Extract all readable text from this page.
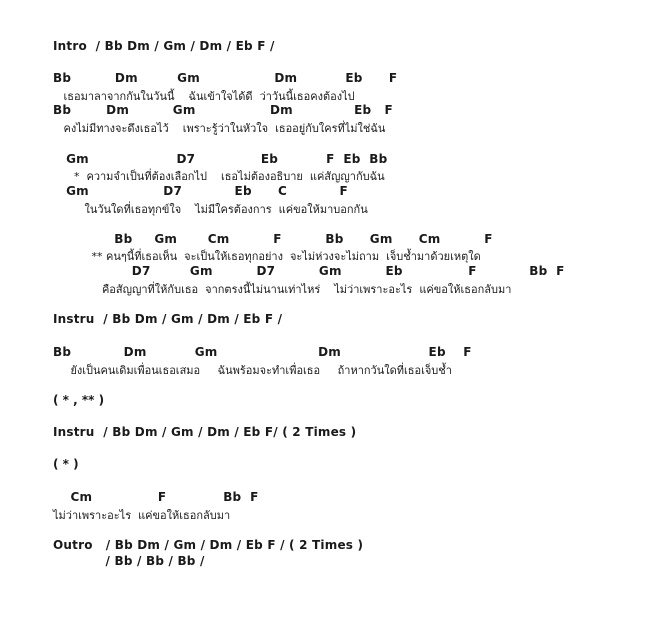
Intro  / Bb Dm / Gm / Dm / Eb F /
Bb          Dm         Gm                 Dm           Eb      F
เธอมาลาจากกันในวันนี้    ฉันเข้าใจได้ดี  ว่าวันนี้เธอคงต้องไป
Bb        Dm          Gm                 Dm              Eb   F
คงไม่มีทางจะดึงเธอไว้    เพราะรู้ว่าในหัวใจ  เธออยู่กับใครที่ไม่ใช่ฉัน
Gm                    D7               Eb           F  Eb  Bb
*  ความจำเป็นที่ต้องเลือกไป    เธอไม่ต้องอธิบาย  แค่สัญญากับฉัน
Gm                 D7            Eb      C            F
ในวันใดที่เธอทุกข์ใจ    ไม่มีใครต้องการ  แค่ขอให้มาบอกกัน
Bb     Gm       Cm          F          Bb      Gm      Cm          F
** คนๆนี้ที่เธอเห็น  จะเป็นให้เธอทุกอย่าง  จะไม่ห่วงจะไม่ถาม  เจ็บช้ำมาด้วยเหตุใด
D7         Gm          D7          Gm          Eb               F            Bb  F
คือสัญญาที่ให้กับเธอ  จากตรงนี้ไม่นานเท่าไหร่    ไม่ว่าเพราะอะไร  แค่ขอให้เธอกลับมา
Instru  / Bb Dm / Gm / Dm / Eb F /
Bb            Dm           Gm                       Dm                    Eb    F
ยังเป็นคนเดิมเพื่อนเธอเสมอ     ฉันพร้อมจะทำเพื่อเธอ     ถ้าหากวันใดที่เธอเจ็บช้ำ
( * , ** )
Instru  / Bb Dm / Gm / Dm / Eb F/ ( 2 Times )
( * )
Cm               F             Bb  F
ไม่ว่าเพราะอะไร  แค่ขอให้เธอกลับมา
Outro   / Bb Dm / Gm / Dm / Eb F / ( 2 Times )
/ Bb / Bb / Bb /
